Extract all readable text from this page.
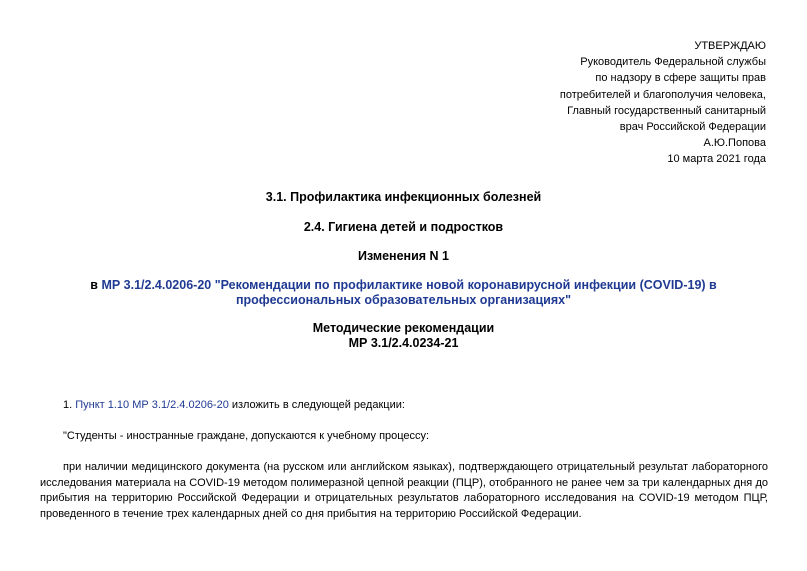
УТВЕРЖДАЮ
Руководитель Федеральной службы
по надзору в сфере защиты прав
потребителей и благополучия человека,
Главный государственный санитарный
врач Российской Федерации
А.Ю.Попова
10 марта 2021 года
3.1. Профилактика инфекционных болезней
2.4. Гигиена детей и подростков
Изменения N 1
в МР 3.1/2.4.0206-20 "Рекомендации по профилактике новой коронавирусной инфекции (COVID-19) в профессиональных образовательных организациях"
Методические рекомендации
МР 3.1/2.4.0234-21
1. Пункт 1.10 МР 3.1/2.4.0206-20 изложить в следующей редакции:
"Студенты - иностранные граждане, допускаются к учебному процессу:
при наличии медицинского документа (на русском или английском языках), подтверждающего отрицательный результат лабораторного исследования материала на COVID-19 методом полимеразной цепной реакции (ПЦР), отобранного не ранее чем за три календарных дня до прибытия на территорию Российской Федерации и отрицательных результатов лабораторного исследования на COVID-19 методом ПЦР, проведенного в течение трех календарных дней со дня прибытия на территорию Российской Федерации.
